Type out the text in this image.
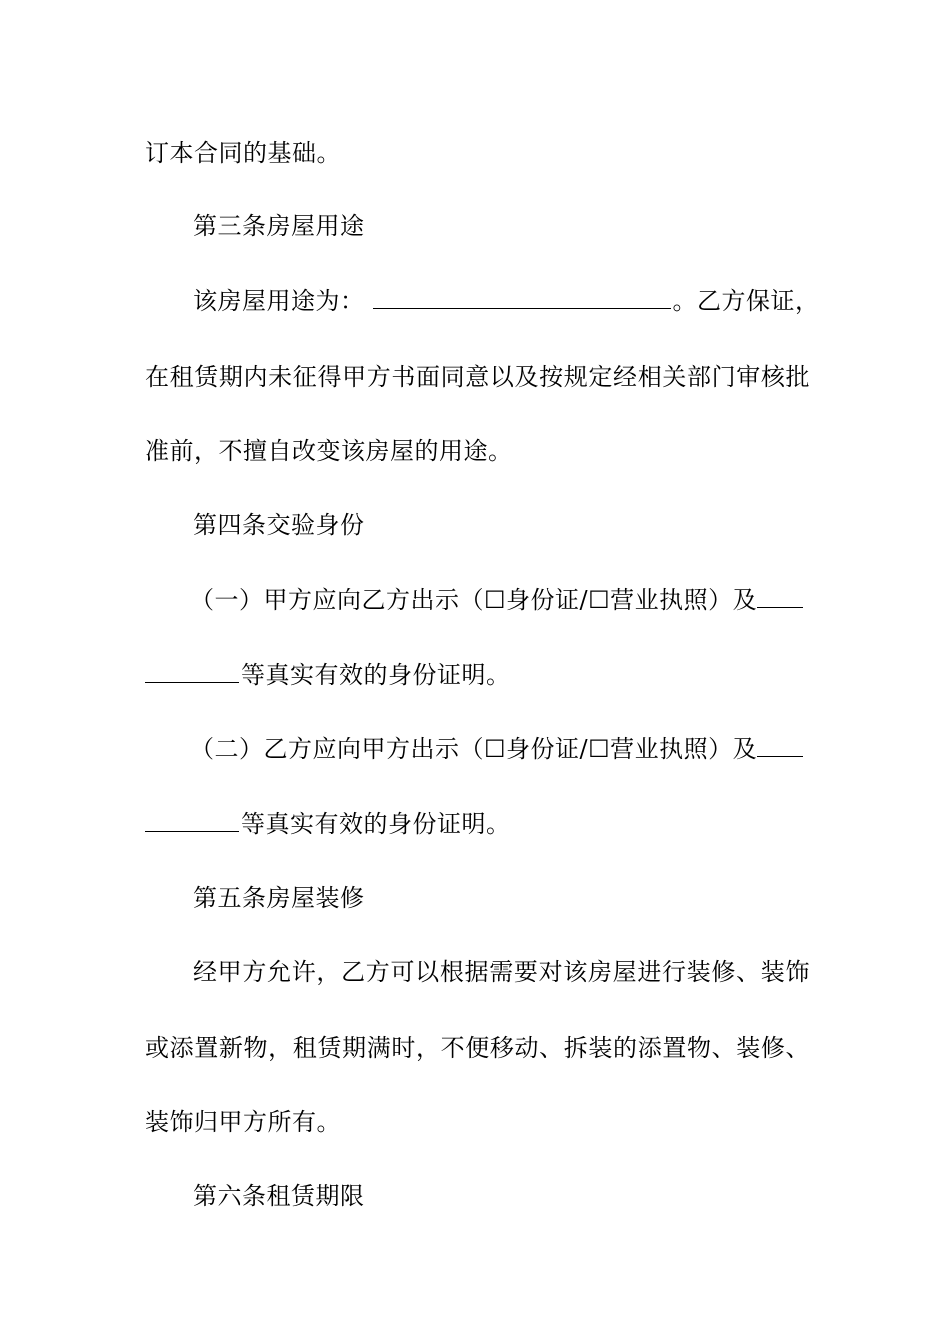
订本合同的基础。
第三条房屋用途
该房屋用途为：	。乙方保证，
在租赁期内未征得甲方书面同意以及按规定经相关部门审核批
准前，不擅自改变该房屋的用途。
第四条交验身份
（一）甲方应向乙方出示（☐身份证/☐营业执照）及
等真实有效的身份证明。
（二）乙方应向甲方出示（☐身份证/☐营业执照）及
等真实有效的身份证明。
第五条房屋装修
经甲方允许，乙方可以根据需要对该房屋进行装修、装饰
或添置新物，租赁期满时，不便移动、拆装的添置物、装修、
装饰归甲方所有。
第六条租赁期限
